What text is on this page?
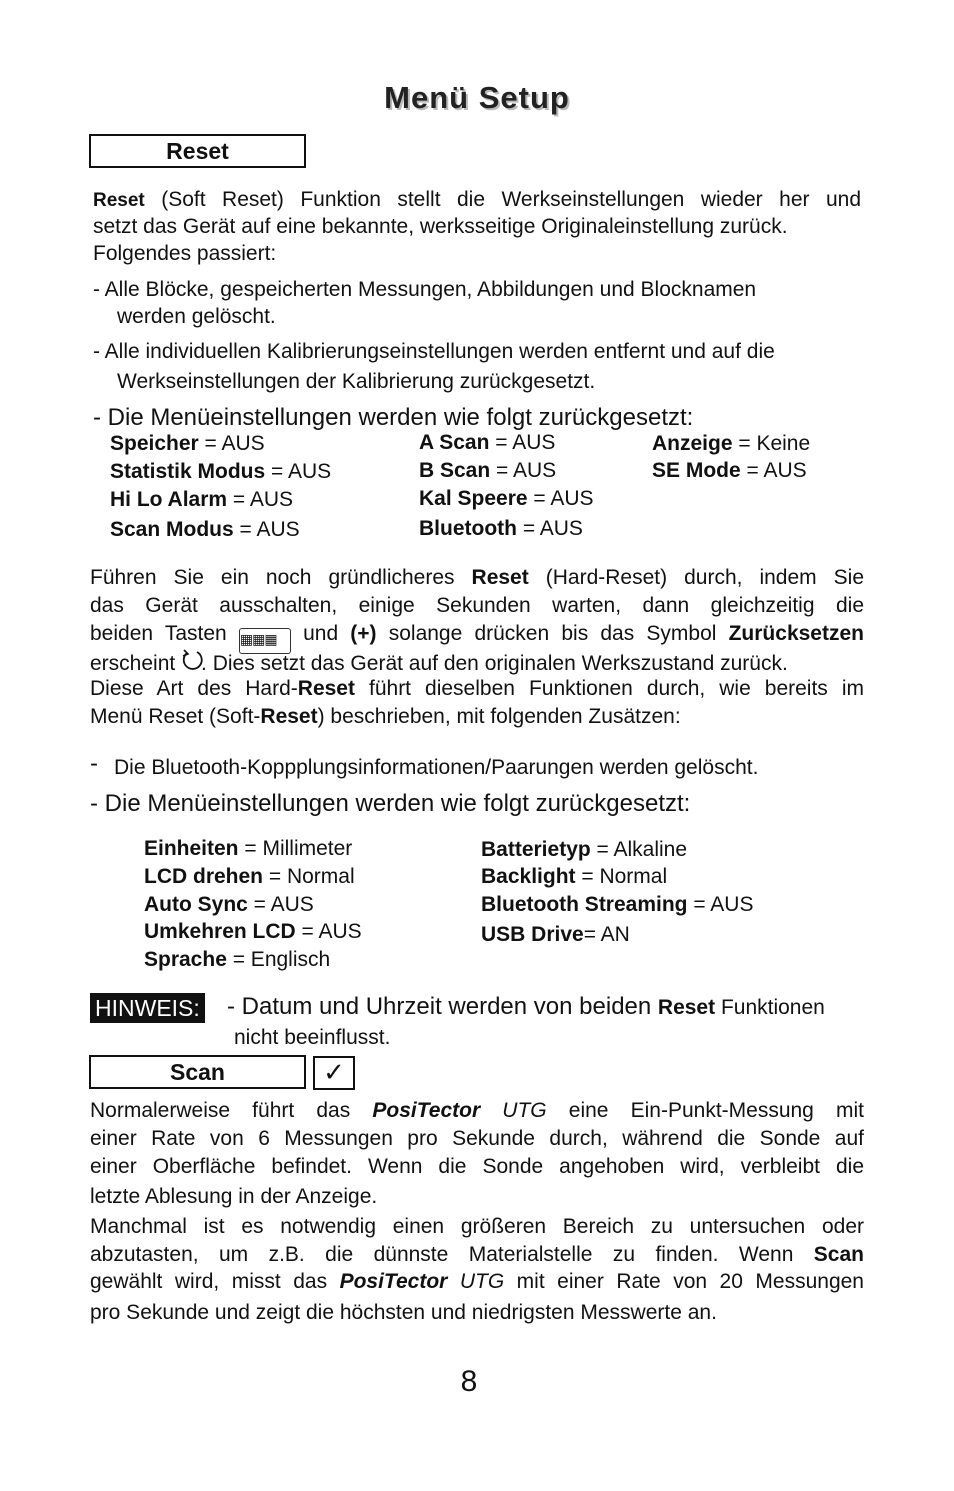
Menü Setup
Reset
Reset (Soft Reset) Funktion stellt die Werkseinstellungen wieder her und
setzt das Gerät auf eine bekannte, werksseitige Originaleinstellung zurück.
Folgendes passiert:
- Alle Blöcke, gespeicherten Messungen, Abbildungen und Blocknamen
werden gelöscht.
- Alle individuellen Kalibrierungseinstellungen werden entfernt und auf die
Werkseinstellungen der Kalibrierung zurückgesetzt.
- Die Menüeinstellungen werden wie folgt zurückgesetzt:
Speicher = AUS
Statistik Modus = AUS
Hi Lo Alarm = AUS
Scan Modus = AUS
A Scan = AUS
B Scan = AUS
Kal Speere = AUS
Bluetooth = AUS
Anzeige = Keine
SE Mode = AUS
Führen Sie ein noch gründlicheres Reset (Hard-Reset) durch, indem Sie
das Gerät ausschalten, einige Sekunden warten, dann gleichzeitig die
beiden Tasten ▦▦▦ und (+) solange drücken bis das Symbol Zurücksetzen
erscheint . Dies setzt das Gerät auf den originalen Werkszustand zurück.
Diese Art des Hard-Reset führt dieselben Funktionen durch, wie bereits im
Menü Reset (Soft-Reset) beschrieben, mit folgenden Zusätzen:
- Die Bluetooth-Koppplungsinformationen/Paarungen werden gelöscht.
- Die Menüeinstellungen werden wie folgt zurückgesetzt:
Einheiten = Millimeter
LCD drehen = Normal
Auto Sync = AUS
Umkehren LCD = AUS
Sprache = Englisch
Batterietyp = Alkaline
Backlight = Normal
Bluetooth Streaming = AUS
USB Drive= AN
HINWEIS: - Datum und Uhrzeit werden von beiden Reset Funktionen
nicht beeinflusst.
Scan	✓
Normalerweise führt das PosiTector UTG eine Ein-Punkt-Messung mit
einer Rate von 6 Messungen pro Sekunde durch, während die Sonde auf
einer Oberfläche befindet. Wenn die Sonde angehoben wird, verbleibt die
letzte Ablesung in der Anzeige.
Manchmal ist es notwendig einen größeren Bereich zu untersuchen oder
abzutasten, um z.B. die dünnste Materialstelle zu finden. Wenn Scan
gewählt wird, misst das PosiTector UTG mit einer Rate von 20 Messungen
pro Sekunde und zeigt die höchsten und niedrigsten Messwerte an.
8
